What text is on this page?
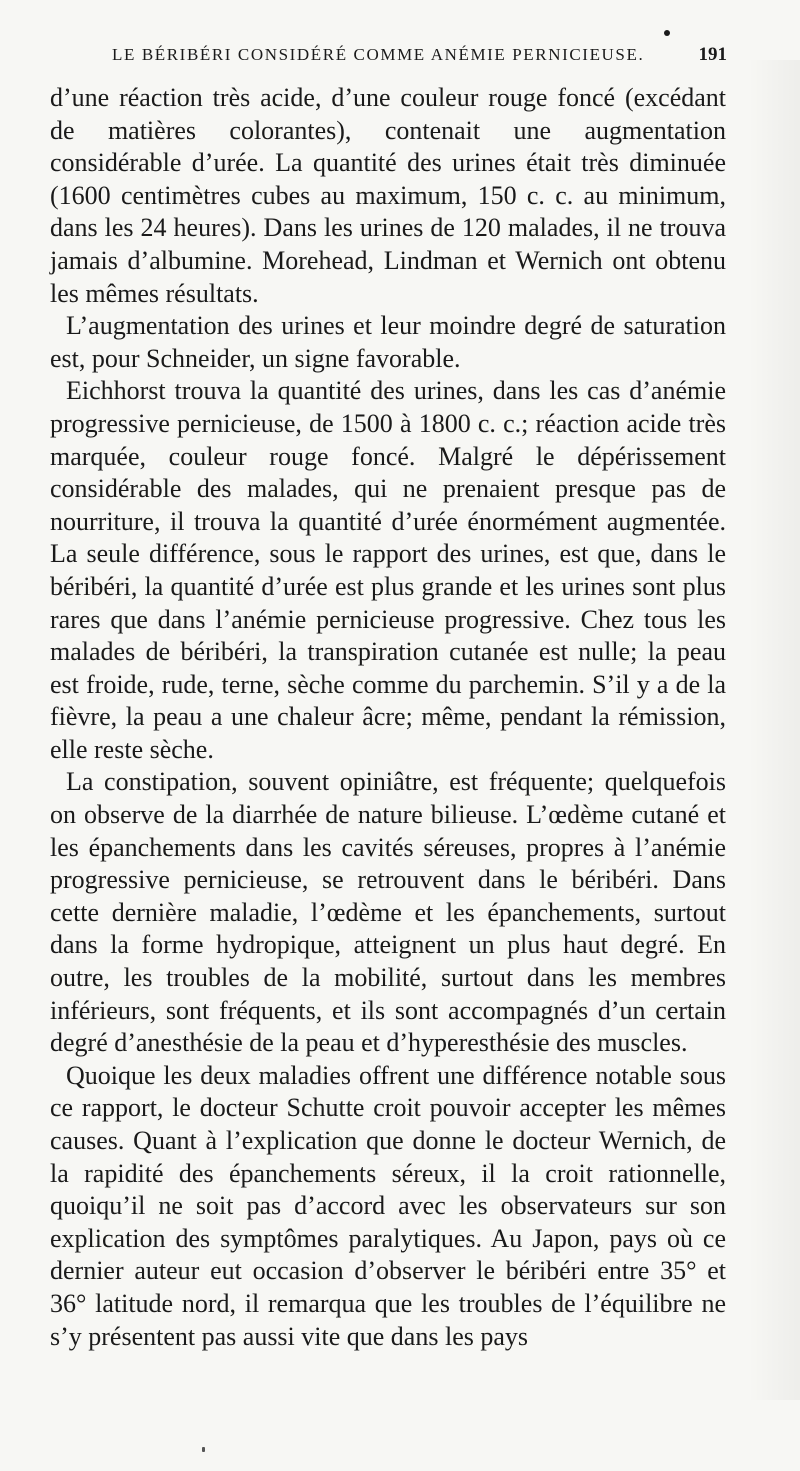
LE BÉRIBÉRI CONSIDÉRÉ COMME ANÉMIE PERNICIEUSE.	191

d’une réaction très acide, d’une couleur rouge foncé (excédant de matières colorantes), contenait une augmentation considérable d’urée. La quantité des urines était très diminuée (1600 centimètres cubes au maximum, 150 c. c. au minimum, dans les 24 heures). Dans les urines de 120 malades, il ne trouva jamais d’albumine. Morehead, Lindman et Wernich ont obtenu les mêmes résultats.

L’augmentation des urines et leur moindre degré de saturation est, pour Schneider, un signe favorable.

Eichhorst trouva la quantité des urines, dans les cas d’anémie progressive pernicieuse, de 1500 à 1800 c. c.; réaction acide très marquée, couleur rouge foncé. Malgré le dépérissement considérable des malades, qui ne prenaient presque pas de nourriture, il trouva la quantité d’urée énormément augmentée. La seule différence, sous le rapport des urines, est que, dans le béribéri, la quantité d’urée est plus grande et les urines sont plus rares que dans l’anémie pernicieuse progressive. Chez tous les malades de béribéri, la transpiration cutanée est nulle; la peau est froide, rude, terne, sèche comme du parchemin. S’il y a de la fièvre, la peau a une chaleur âcre; même, pendant la rémission, elle reste sèche.

La constipation, souvent opiniâtre, est fréquente; quelquefois on observe de la diarrhée de nature bilieuse. L’œdème cutané et les épanchements dans les cavités séreuses, propres à l’anémie progressive pernicieuse, se retrouvent dans le béribéri. Dans cette dernière maladie, l’œdème et les épanchements, surtout dans la forme hydropique, atteignent un plus haut degré. En outre, les troubles de la mobilité, surtout dans les membres inférieurs, sont fréquents, et ils sont accompagnés d’un certain degré d’anesthésie de la peau et d’hyperesthésie des muscles.

Quoique les deux maladies offrent une différence notable sous ce rapport, le docteur Schutte croit pouvoir accepter les mêmes causes. Quant à l’explication que donne le docteur Wernich, de la rapidité des épanchements séreux, il la croit rationnelle, quoiqu’il ne soit pas d’accord avec les observateurs sur son explication des symptômes paralytiques. Au Japon, pays où ce dernier auteur eut occasion d’observer le béribéri entre 35° et 36° latitude nord, il remarqua que les troubles de l’équilibre ne s’y présentent pas aussi vite que dans les pays
